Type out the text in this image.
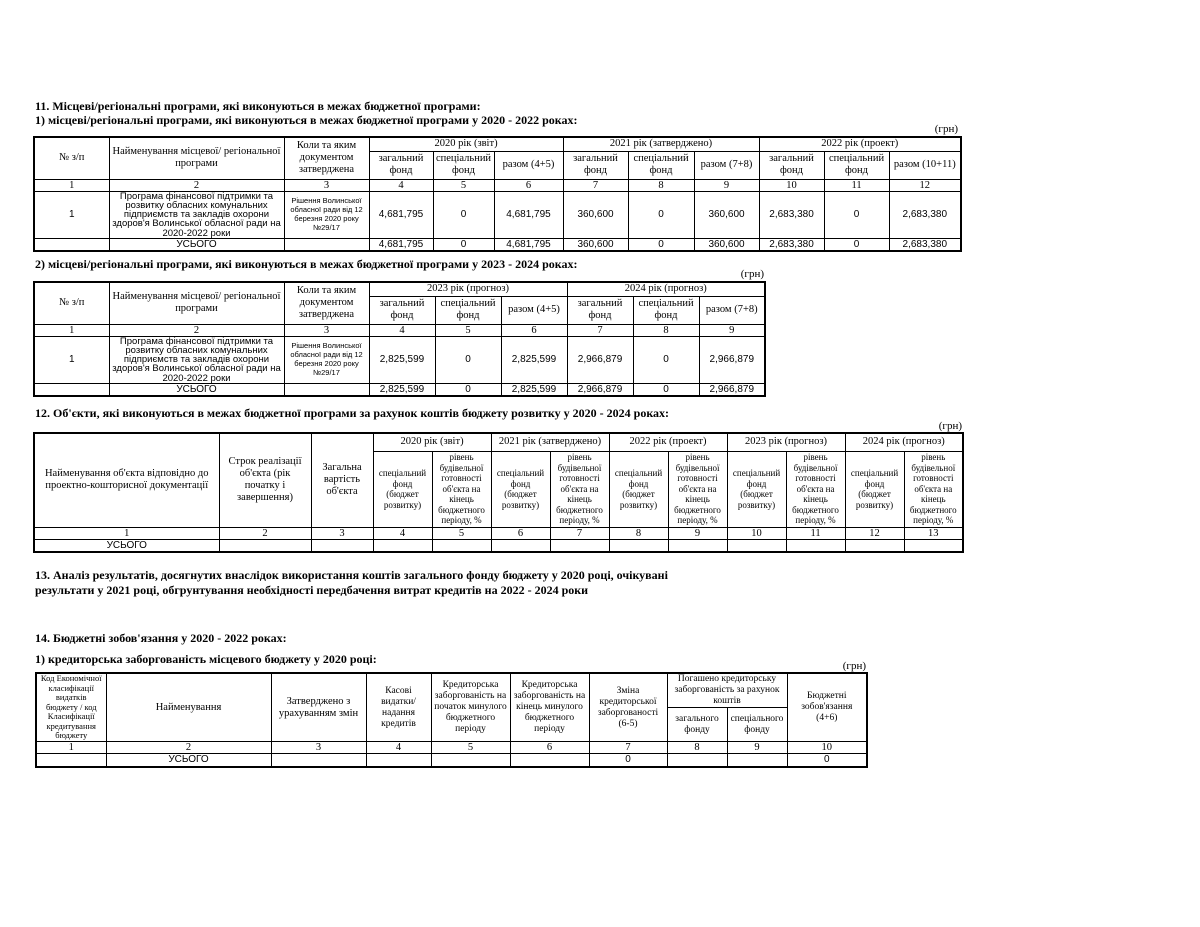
11. Місцеві/регіональні програми, які виконуються в межах бюджетної програми:
1) місцеві/регіональні програми, які виконуються в межах бюджетної програми у 2020 - 2022 роках:
(грн)
№ з/п	Найменування місцевої/ регіональної програми	Коли та яким документом затверджена	2020 рік (звіт)			2021 рік (затверджено)			2022 рік (проект)		
			загальний фонд	спеціальний фонд	разом (4+5)	загальний фонд	спеціальний фонд	разом (7+8)	загальний фонд	спеціальний фонд	разом (10+11)
1	2	3	4	5	6	7	8	9	10	11	12
1	Програма фінансової підтримки та розвитку обласних комунальних підприємств та закладів охорони здоров'я Волинської обласної ради на 2020-2022 роки	Рішення Волинської обласної ради від 12 березня 2020 року №29/17	4,681,795	0	4,681,795	360,600	0	360,600	2,683,380	0	2,683,380
	УСЬОГО		4,681,795	0	4,681,795	360,600	0	360,600	2,683,380	0	2,683,380
2) місцеві/регіональні програми, які виконуються в межах бюджетної програми у 2023 - 2024 роках:
(грн)
№ з/п	Найменування місцевої/ регіональної програми	Коли та яким документом затверджена	2023 рік (прогноз)			2024 рік (прогноз)		
			загальний фонд	спеціальний фонд	разом (4+5)	загальний фонд	спеціальний фонд	разом (7+8)
1	2	3	4	5	6	7	8	9
1	Програма фінансової підтримки та розвитку обласних комунальних підприємств та закладів охорони здоров'я Волинської обласної ради на 2020-2022 роки	Рішення Волинської обласної ради від 12 березня 2020 року №29/17	2,825,599	0	2,825,599	2,966,879	0	2,966,879
	УСЬОГО		2,825,599	0	2,825,599	2,966,879	0	2,966,879
12. Об'єкти, які виконуються в межах бюджетної програми за рахунок коштів бюджету розвитку у 2020 - 2024 роках:
(грн)
Найменування об'єкта відповідно до проектно-кошторисної документації	Строк реалізації об'єкта (рік початку і завершення)	Загальна вартість об'єкта	2020 рік (звіт)		2021 рік (затверджено)		2022 рік (проект)		2023 рік (прогноз)		2024 рік (прогноз)	
			спеціальний фонд (бюджет розвитку)	рівень будівельної готовності об'єкта на кінець бюджетного періоду, %	спеціальний фонд (бюджет розвитку)	рівень будівельної готовності об'єкта на кінець бюджетного періоду, %	спеціальний фонд (бюджет розвитку)	рівень будівельної готовності об'єкта на кінець бюджетного періоду, %	спеціальний фонд (бюджет розвитку)	рівень будівельної готовності об'єкта на кінець бюджетного періоду, %	спеціальний фонд (бюджет розвитку)	рівень будівельної готовності об'єкта на кінець бюджетного періоду, %
1	2	3	4	5	6	7	8	9	10	11	12	13
УСЬОГО												
13. Аналіз результатів, досягнутих внаслідок використання коштів загального фонду бюджету у 2020 році, очікувані результати у 2021 році, обгрунтування необхідності передбачення витрат кредитів на 2022 - 2024 роки
14. Бюджетні зобов'язання у 2020 - 2022 роках:
1) кредиторська заборгованість місцевого бюджету у 2020 році:	(грн)
Код Економічної класифікації видатків бюджету / код Класифікації кредитування бюджету	Найменування	Затверджено з урахуванням змін	Касові видатки/ надання кредитів	Кредиторська заборгованість на початок минулого бюджетного періоду	Кредиторська заборгованість на кінець минулого бюджетного періоду	Зміна кредиторської заборгованості (6-5)	Погашено кредиторську заборгованість за рахунок коштів		Бюджетні зобов'язання (4+6)
							загального фонду	спеціального фонду	
1	2	3	4	5	6	7	8	9	10
	УСЬОГО					0			0
